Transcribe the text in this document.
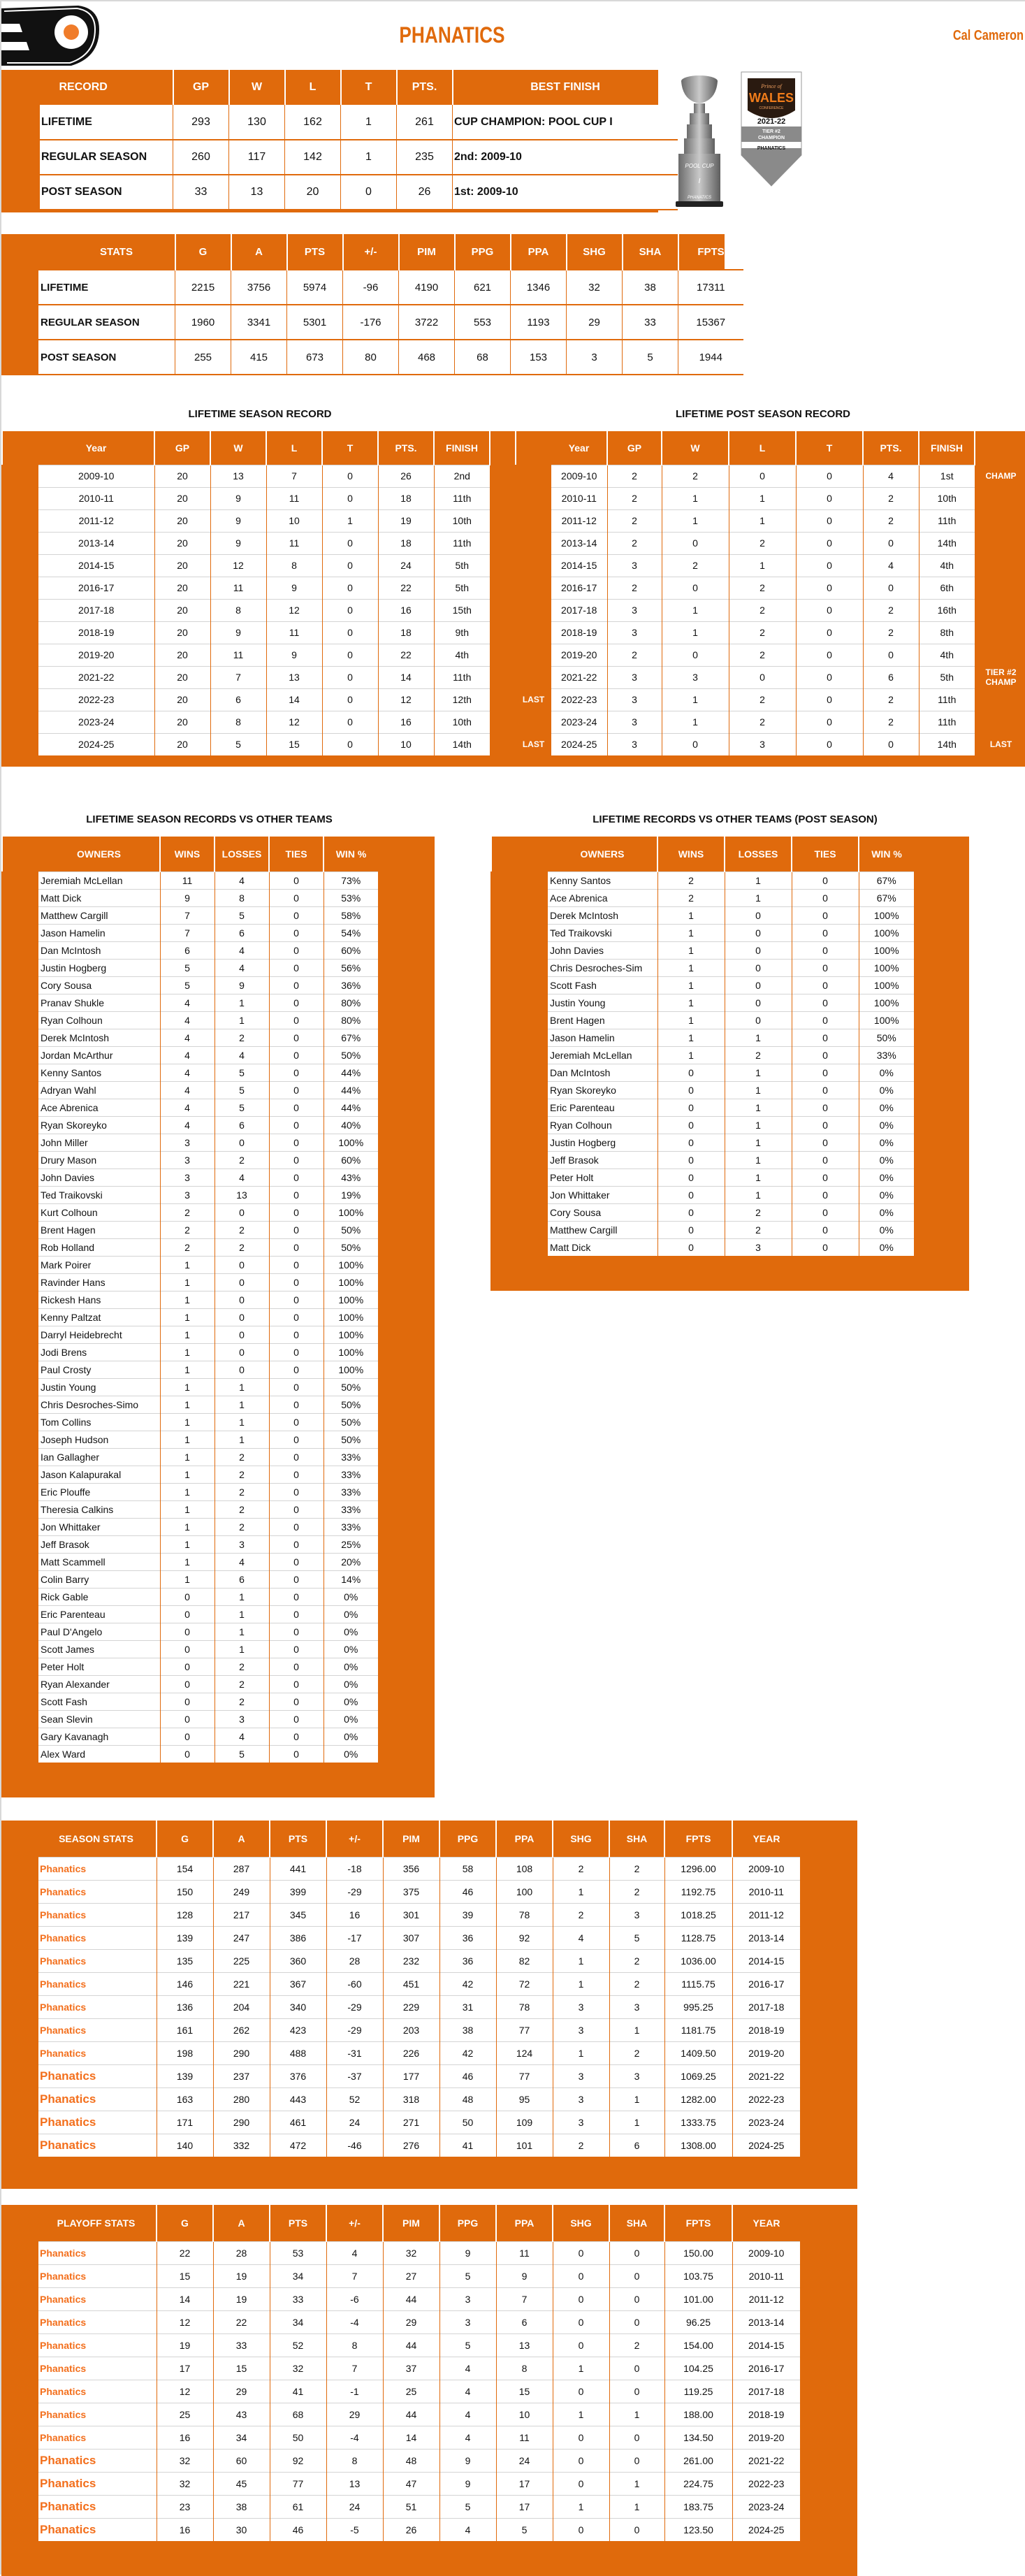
PHANATICS	Cal Cameron
RECORD	GP	W	L	T	PTS.	BEST FINISH
LIFETIME	293	130	162	1	261	CUP CHAMPION: POOL CUP I
REGULAR SEASON	260	117	142	1	235	2nd: 2009-10
POST SEASON	33	13	20	0	26	1st: 2009-10
POOL CUP
I
PHANATICS
Prince of
WALES
CONFERENCE
2021-22
TIER #2
CHAMPION
PHANATICS
STATS	G	A	PTS	+/-	PIM	PPG	PPA	SHG	SHA	FPTS
LIFETIME	2215	3756	5974	-96	4190	621	1346	32	38	17311
REGULAR SEASON	1960	3341	5301	-176	3722	553	1193	29	33	15367
POST SEASON	255	415	673	80	468	68	153	3	5	1944
LIFETIME SEASON RECORD
	Year	GP	W	L	T	PTS.	FINISH	
	2009-10	20	13	7	0	26	2nd	
	2010-11	20	9	11	0	18	11th	
	2011-12	20	9	10	1	19	10th	
	2013-14	20	9	11	0	18	11th	
	2014-15	20	12	8	0	24	5th	
	2016-17	20	11	9	0	22	5th	
	2017-18	20	8	12	0	16	15th	
	2018-19	20	9	11	0	18	9th	
	2019-20	20	11	9	0	22	4th	
	2021-22	20	7	13	0	14	11th	
	2022-23	20	6	14	0	12	12th	
	2023-24	20	8	12	0	16	10th	
	2024-25	20	5	15	0	10	14th	

LIFETIME POST SEASON RECORD
	Year	GP	W	L	T	PTS.	FINISH	
	2009-10	2	2	0	0	4	1st	CHAMP
	2010-11	2	1	1	0	2	10th	
	2011-12	2	1	1	0	2	11th	
	2013-14	2	0	2	0	0	14th	
	2014-15	3	2	1	0	4	4th	
	2016-17	2	0	2	0	0	6th	
	2017-18	3	1	2	0	2	16th	
	2018-19	3	1	2	0	2	8th	
	2019-20	2	0	2	0	0	4th	
	2021-22	3	3	0	0	6	5th	TIER #2 CHAMP
LAST	2022-23	3	1	2	0	2	11th	
	2023-24	3	1	2	0	2	11th	
LAST	2024-25	3	0	3	0	0	14th	LAST

LIFETIME SEASON RECORDS VS OTHER TEAMS
	OWNERS	WINS	LOSSES	TIES	WIN %
	Jeremiah McLellan	11	4	0	73%
	Matt Dick	9	8	0	53%
	Matthew Cargill	7	5	0	58%
	Jason Hamelin	7	6	0	54%
	Dan McIntosh	6	4	0	60%
	Justin Hogberg	5	4	0	56%
	Cory Sousa	5	9	0	36%
	Pranav Shukle	4	1	0	80%
	Ryan Colhoun	4	1	0	80%
	Derek McIntosh	4	2	0	67%
	Jordan McArthur	4	4	0	50%
	Kenny Santos	4	5	0	44%
	Adryan Wahl	4	5	0	44%
	Ace Abrenica	4	5	0	44%
	Ryan Skoreyko	4	6	0	40%
	John Miller	3	0	0	100%
	Drury Mason	3	2	0	60%
	John Davies	3	4	0	43%
	Ted Traikovski	3	13	0	19%
	Kurt Colhoun	2	0	0	100%
	Brent Hagen	2	2	0	50%
	Rob Holland	2	2	0	50%
	Mark Poirer	1	0	0	100%
	Ravinder Hans	1	0	0	100%
	Rickesh Hans	1	0	0	100%
	Kenny Paltzat	1	0	0	100%
	Darryl Heidebrecht	1	0	0	100%
	Jodi Brens	1	0	0	100%
	Paul Crosty	1	0	0	100%
	Justin Young	1	1	0	50%
	Chris Desroches-Simo	1	1	0	50%
	Tom Collins	1	1	0	50%
	Joseph Hudson	1	1	0	50%
	Ian Gallagher	1	2	0	33%
	Jason Kalapurakal	1	2	0	33%
	Eric Plouffe	1	2	0	33%
	Theresia Calkins	1	2	0	33%
	Jon Whittaker	1	2	0	33%
	Jeff Brasok	1	3	0	25%
	Matt Scammell	1	4	0	20%
	Colin Barry	1	6	0	14%
	Rick Gable	0	1	0	0%
	Eric Parenteau	0	1	0	0%
	Paul D'Angelo	0	1	0	0%
	Scott James	0	1	0	0%
	Peter Holt	0	2	0	0%
	Ryan Alexander	0	2	0	0%
	Scott Fash	0	2	0	0%
	Sean Slevin	0	3	0	0%
	Gary Kavanagh	0	4	0	0%
	Alex Ward	0	5	0	0%
LIFETIME RECORDS VS OTHER TEAMS (POST SEASON)
	OWNERS	WINS	LOSSES	TIES	WIN %
	Kenny Santos	2	1	0	67%
	Ace Abrenica	2	1	0	67%
	Derek McIntosh	1	0	0	100%
	Ted Traikovski	1	0	0	100%
	John Davies	1	0	0	100%
	Chris Desroches-Sim	1	0	0	100%
	Scott Fash	1	0	0	100%
	Justin Young	1	0	0	100%
	Brent Hagen	1	0	0	100%
	Jason Hamelin	1	1	0	50%
	Jeremiah McLellan	1	2	0	33%
	Dan McIntosh	0	1	0	0%
	Ryan Skoreyko	0	1	0	0%
	Eric Parenteau	0	1	0	0%
	Ryan Colhoun	0	1	0	0%
	Justin Hogberg	0	1	0	0%
	Jeff Brasok	0	1	0	0%
	Peter Holt	0	1	0	0%
	Jon Whittaker	0	1	0	0%
	Cory Sousa	0	2	0	0%
	Matthew Cargill	0	2	0	0%
	Matt Dick	0	3	0	0%
SEASON STATS		G	A	PTS	+/-	PIM	PPG	PPA	SHG	SHA	FPTS	YEAR
	Phanatics	154	287	441	-18	356	58	108	2	2	1296.00	2009-10
	Phanatics	150	249	399	-29	375	46	100	1	2	1192.75	2010-11
	Phanatics	128	217	345	16	301	39	78	2	3	1018.25	2011-12
	Phanatics	139	247	386	-17	307	36	92	4	5	1128.75	2013-14
	Phanatics	135	225	360	28	232	36	82	1	2	1036.00	2014-15
	Phanatics	146	221	367	-60	451	42	72	1	2	1115.75	2016-17
	Phanatics	136	204	340	-29	229	31	78	3	3	995.25	2017-18
	Phanatics	161	262	423	-29	203	38	77	3	1	1181.75	2018-19
	Phanatics	198	290	488	-31	226	42	124	1	2	1409.50	2019-20
	Phanatics	139	237	376	-37	177	46	77	3	3	1069.25	2021-22
	Phanatics	163	280	443	52	318	48	95	3	1	1282.00	2022-23
	Phanatics	171	290	461	24	271	50	109	3	1	1333.75	2023-24
	Phanatics	140	332	472	-46	276	41	101	2	6	1308.00	2024-25
PLAYOFF STATS		G	A	PTS	+/-	PIM	PPG	PPA	SHG	SHA	FPTS	YEAR
	Phanatics	22	28	53	4	32	9	11	0	0	150.00	2009-10
	Phanatics	15	19	34	7	27	5	9	0	0	103.75	2010-11
	Phanatics	14	19	33	-6	44	3	7	0	0	101.00	2011-12
	Phanatics	12	22	34	-4	29	3	6	0	0	96.25	2013-14
	Phanatics	19	33	52	8	44	5	13	0	2	154.00	2014-15
	Phanatics	17	15	32	7	37	4	8	1	0	104.25	2016-17
	Phanatics	12	29	41	-1	25	4	15	0	0	119.25	2017-18
	Phanatics	25	43	68	29	44	4	10	1	1	188.00	2018-19
	Phanatics	16	34	50	-4	14	4	11	0	0	134.50	2019-20
	Phanatics	32	60	92	8	48	9	24	0	0	261.00	2021-22
	Phanatics	32	45	77	13	47	9	17	0	1	224.75	2022-23
	Phanatics	23	38	61	24	51	5	17	1	1	183.75	2023-24
	Phanatics	16	30	46	-5	26	4	5	0	0	123.50	2024-25
